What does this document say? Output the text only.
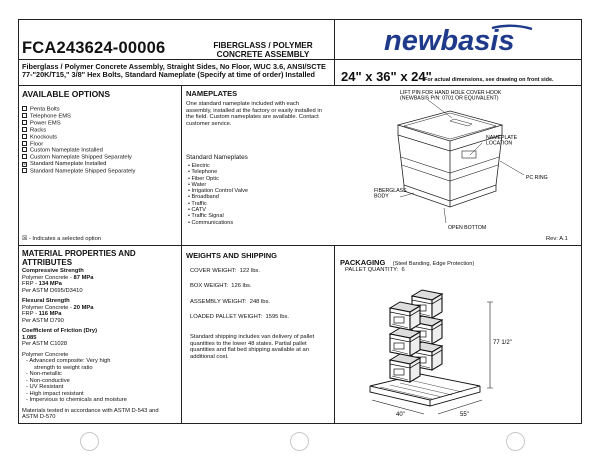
FCA243624-00006	FIBERGLASS / POLYMER CONCRETE ASSEMBLY	newbasis
Fiberglass / Polymer Concrete Assembly, Straight Sides, No Floor, WUC 3.6, ANSI/SCTE 77-"20K/T15," 3/8" Hex Bolts, Standard Nameplate (Specify at time of order) Installed	24" x 36" x 24"
For actual dimensions, see drawing on front side.
AVAILABLE OPTIONS
Penta Bolts
Telephone EMS
Power EMS
Racks
Knockouts
Floor
Custom Nameplate Installed
Custom Nameplate Shipped Separately
× Standard Nameplate Installed
Standard Nameplate Shipped Separately
☒ - Indicates a selected option
NAMEPLATES
One standard nameplate included with each assembly, installed at the factory or easily installed in the field. Custom nameplates are available. Contact customer service.
Standard Nameplates
• Electric
• Telephone
• Fiber Optic
• Water
• Irrigation Control Valve
• Broadband
• Traffic
• CATV
• Traffic Signal
• Communications
LIFT PIN FOR HAND HOLE COVER HOOK (NEWBASIS P/N: 0701 OR EQUIVALENT)
NAMEPLATE LOCATION
PC RING
FIBERGLASS BODY
OPEN BOTTOM
Rev: A.1
MATERIAL PROPERTIES AND ATTRIBUTES
Compressive Strength
Polymer Concrete - 87 MPa
FRP - 134 MPa
Per ASTM D695/D3410
Flexural Strength
Polymer Concrete - 20 MPa
FRP - 116 MPa
Per ASTM D790
Coefficient of Friction (Dry)
1.085
Per ASTM C1028
Polymer Concrete
- Advanced composite: Very high
strength to weight ratio
- Non-metallic
- Non-conductive
- UV Resistant
- High impact resistant
- Impervious to chemicals and moisture
Materials tested in accordance with ASTM D-543 and ASTM D-570
WEIGHTS AND SHIPPING
COVER WEIGHT: 122 lbs.
BOX WEIGHT: 126 lbs.
ASSEMBLY WEIGHT: 248 lbs.
LOADED PALLET WEIGHT: 1595 lbs.
Standard shipping includes van delivery of pallet quantities to the lower 48 states. Partial pallet quantities and flat bed shipping available at an additional cost.
PACKAGING (Steel Banding, Edge Protection)
PALLET QUANTITY: 6
77 1/2"
40"	55"
